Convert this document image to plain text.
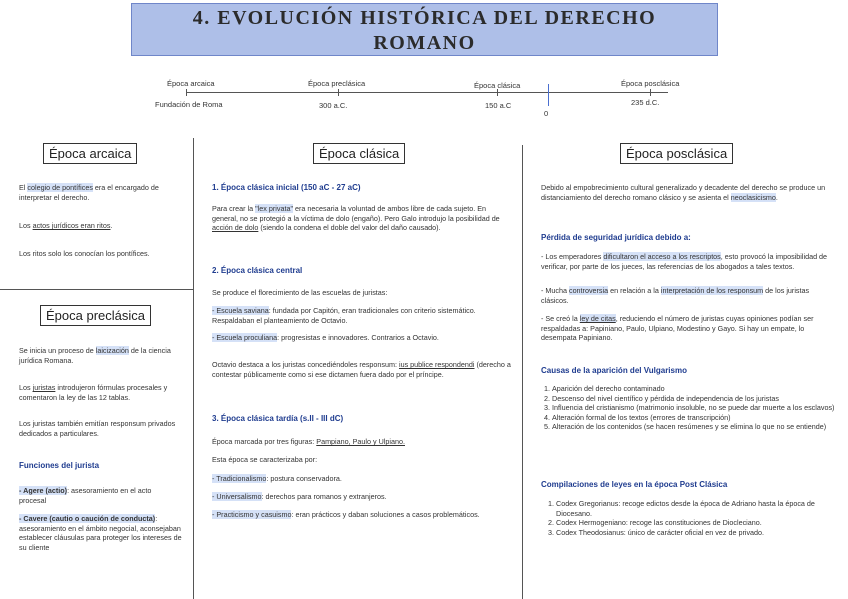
4. EVOLUCIÓN HISTÓRICA DEL DERECHO
ROMANO
Época arcaica	Época preclásica	Época clásica	Época posclásica
Fundación de Roma	300 a.C.	150 a.C
0
235 d.C.
Época arcaica
El colegio de pontífices era el encargado de interpretar el derecho.
Los actos jurídicos eran ritos.
Los ritos solo los conocían los pontífices.
Época preclásica
Se inicia un proceso de laicización de la ciencia jurídica Romana.
Los juristas introdujeron fórmulas procesales y comentaron la ley de las 12 tablas.
Los juristas también emitían responsum privados dedicados a particulares.
Funciones del jurista
- Agere (actio): asesoramiento en el acto procesal
- Cavere (cautio o caución de conducta): asesoramiento en el ámbito negocial, aconsejaban establecer cláusulas para proteger los intereses de su cliente
Época clásica
1. Época clásica inicial (150 aC - 27 aC)
Para crear la "lex privata" era necesaria la voluntad de ambos libre de cada sujeto. En general, no se protegió a la víctima de dolo (engaño). Pero Galo introdujo la posibilidad de acción de dolo (siendo la condena el doble del valor del daño causado).
2. Época clásica central
Se produce el florecimiento de las escuelas de juristas:
- Escuela saviana: fundada por Capitón, eran tradicionales con criterio sistemático. Respaldaban el planteamiento de Octavio.
- Escuela proculiana: progresistas e innovadores. Contrarios a Octavio.
Octavio destaca a los juristas concediéndoles responsum: ius publice respondendi (derecho a contestar públicamente como si ese dictamen fuera dado por el príncipe.
3. Época clásica tardía (s.II - III dC)
Época marcada por tres figuras: Pampiano, Paulo y Ulpiano.
Esta época se caracterizaba por:
- Tradicionalismo: postura conservadora.
- Universalismo: derechos para romanos y extranjeros.
- Practicismo y casuismo: eran prácticos y daban soluciones a casos problemáticos.
Época posclásica
Debido al empobrecimiento cultural generalizado y decadente del derecho se produce un distanciamiento del derecho romano clásico y se asienta el neoclasicismo.
Pérdida de seguridad jurídica debido a:
- Los emperadores dificultaron el acceso a los rescriptos, esto provocó la imposibilidad de verificar, por parte de los jueces, las referencias de los abogados a tales textos.
- Mucha controversia en relación a la interpretación de los responsum de los juristas clásicos.
- Se creó la ley de citas, reduciendo el número de juristas cuyas opiniones podían ser respaldadas a: Papiniano, Paulo, Ulpiano, Modestino y Gayo. Si hay un empate, lo desempata Papiniano.
Causas de la aparición del Vulgarismo
1. Aparición del derecho contaminado
2. Descenso del nivel científico y pérdida de independencia de los juristas
3. Influencia del cristianismo (matrimonio insoluble, no se puede dar muerte a los esclavos)
4. Alteración formal de los textos (errores de transcripción)
5. Alteración de los contenidos (se hacen resúmenes y se elimina lo que no se entiende)
Compilaciones de leyes en la época Post Clásica
1. Codex Gregorianus: recoge edictos desde la época de Adriano hasta la época de Diocesano.
2. Codex Hermogeniano: recoge las constituciones de Diocleciano.
3. Codex Theodosianus: único de carácter oficial en vez de privado.
